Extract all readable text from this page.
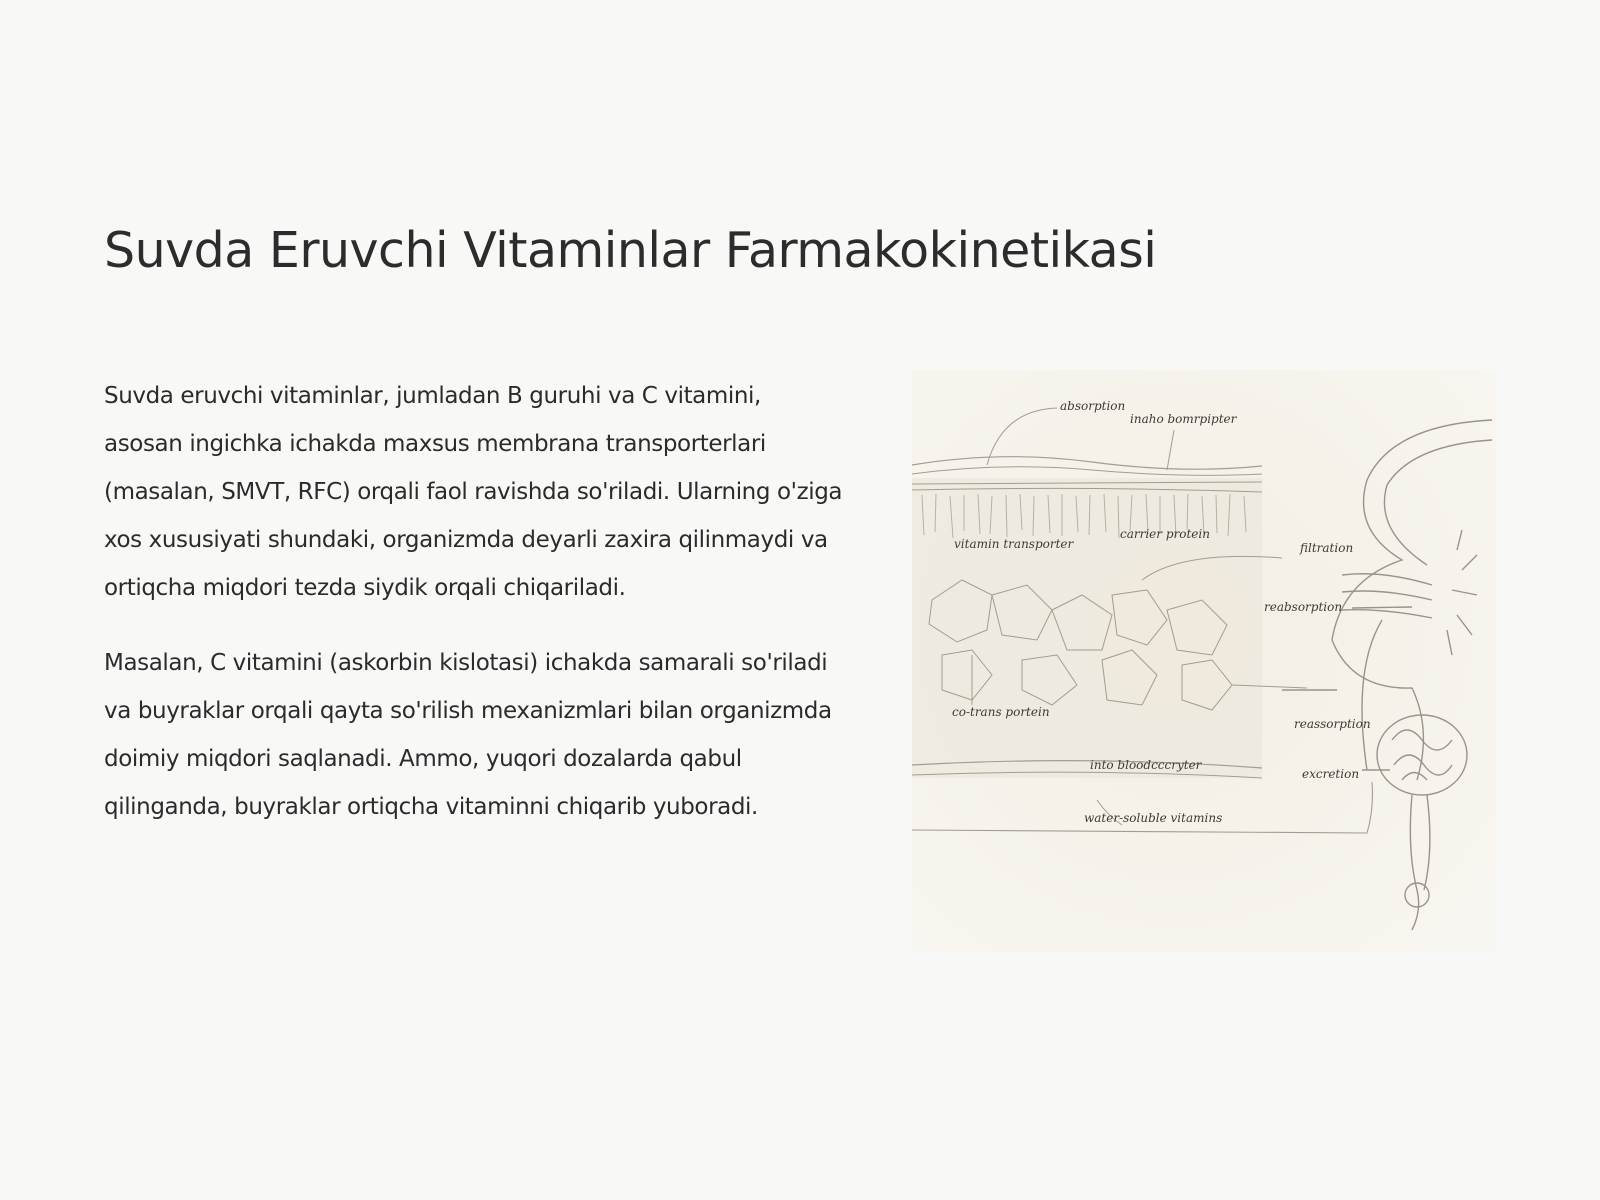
Suvda Eruvchi Vitaminlar Farmakokinetikasi

Suvda eruvchi vitaminlar, jumladan B guruhi va C vitamini, asosan ingichka ichakda maxsus membrana transporterlari (masalan, SMVT, RFC) orqali faol ravishda so'riladi. Ularning o'ziga xos xususiyati shundaki, organizmda deyarli zaxira qilinmaydi va ortiqcha miqdori tezda siydik orqali chiqariladi.

Masalan, C vitamini (askorbin kislotasi) ichakda samarali so'riladi va buyraklar orqali qayta so'rilish mexanizmlari bilan organizmda doimiy miqdori saqlanadi. Ammo, yuqori dozalarda qabul qilinganda, buyraklar ortiqcha vitaminni chiqarib yuboradi.

absorption
inaho bomrpipter
vitamin transporter
carrier protein
filtration
reabsorption
co-trans portein
reassorption
into bloodcccryter
excretion
water-soluble vitamins
